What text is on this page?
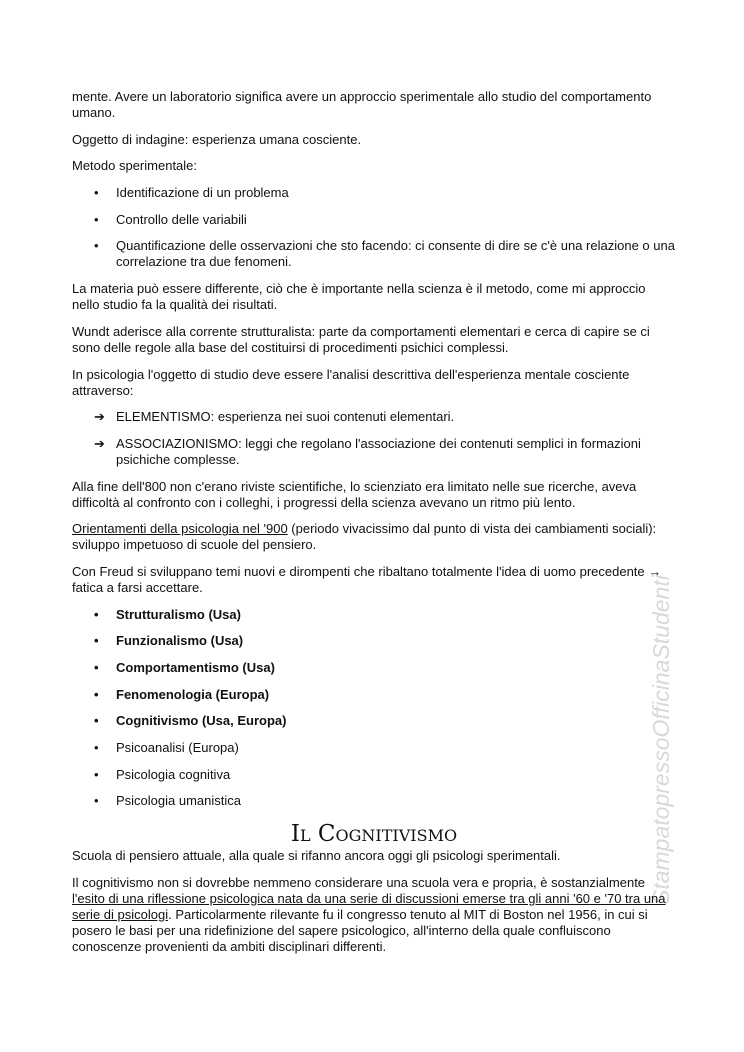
StampatopressoOfficinaStudenti

mente. Avere un laboratorio significa avere un approccio sperimentale allo studio del comportamento umano.

Oggetto di indagine: esperienza umana cosciente.

Metodo sperimentale:

• Identificazione di un problema
• Controllo delle variabili
• Quantificazione delle osservazioni che sto facendo: ci consente di dire se c'è una relazione o una correlazione tra due fenomeni.

La materia può essere differente, ciò che è importante nella scienza è il metodo, come mi approccio nello studio fa la qualità dei risultati.

Wundt aderisce alla corrente strutturalista: parte da comportamenti elementari e cerca di capire se ci sono delle regole alla base del costituirsi di procedimenti psichici complessi.

In psicologia l'oggetto di studio deve essere l'analisi descrittiva dell'esperienza mentale cosciente attraverso:

➔ ELEMENTISMO: esperienza nei suoi contenuti elementari.
➔ ASSOCIAZIONISMO: leggi che regolano l'associazione dei contenuti semplici in formazioni psichiche complesse.

Alla fine dell'800 non c'erano riviste scientifiche, lo scienziato era limitato nelle sue ricerche, aveva difficoltà al confronto con i colleghi, i progressi della scienza avevano un ritmo più lento.

Orientamenti della psicologia nel '900 (periodo vivacissimo dal punto di vista dei cambiamenti sociali): sviluppo impetuoso di scuole del pensiero.

Con Freud si sviluppano temi nuovi e dirompenti che ribaltano totalmente l'idea di uomo precedente → fatica a farsi accettare.

• Strutturalismo (Usa)
• Funzionalismo (Usa)
• Comportamentismo (Usa)
• Fenomenologia (Europa)
• Cognitivismo (Usa, Europa)
• Psicoanalisi (Europa)
• Psicologia cognitiva
• Psicologia umanistica
Il Cognitivismo

Scuola di pensiero attuale, alla quale si rifanno ancora oggi gli psicologi sperimentali.

Il cognitivismo non si dovrebbe nemmeno considerare una scuola vera e propria, è sostanzialmente l'esito di una riflessione psicologica nata da una serie di discussioni emerse tra gli anni '60 e '70 tra una serie di psicologi. Particolarmente rilevante fu il congresso tenuto al MIT di Boston nel 1956, in cui si posero le basi per una ridefinizione del sapere psicologico, all'interno della quale confluiscono conoscenze provenienti da ambiti disciplinari differenti.
